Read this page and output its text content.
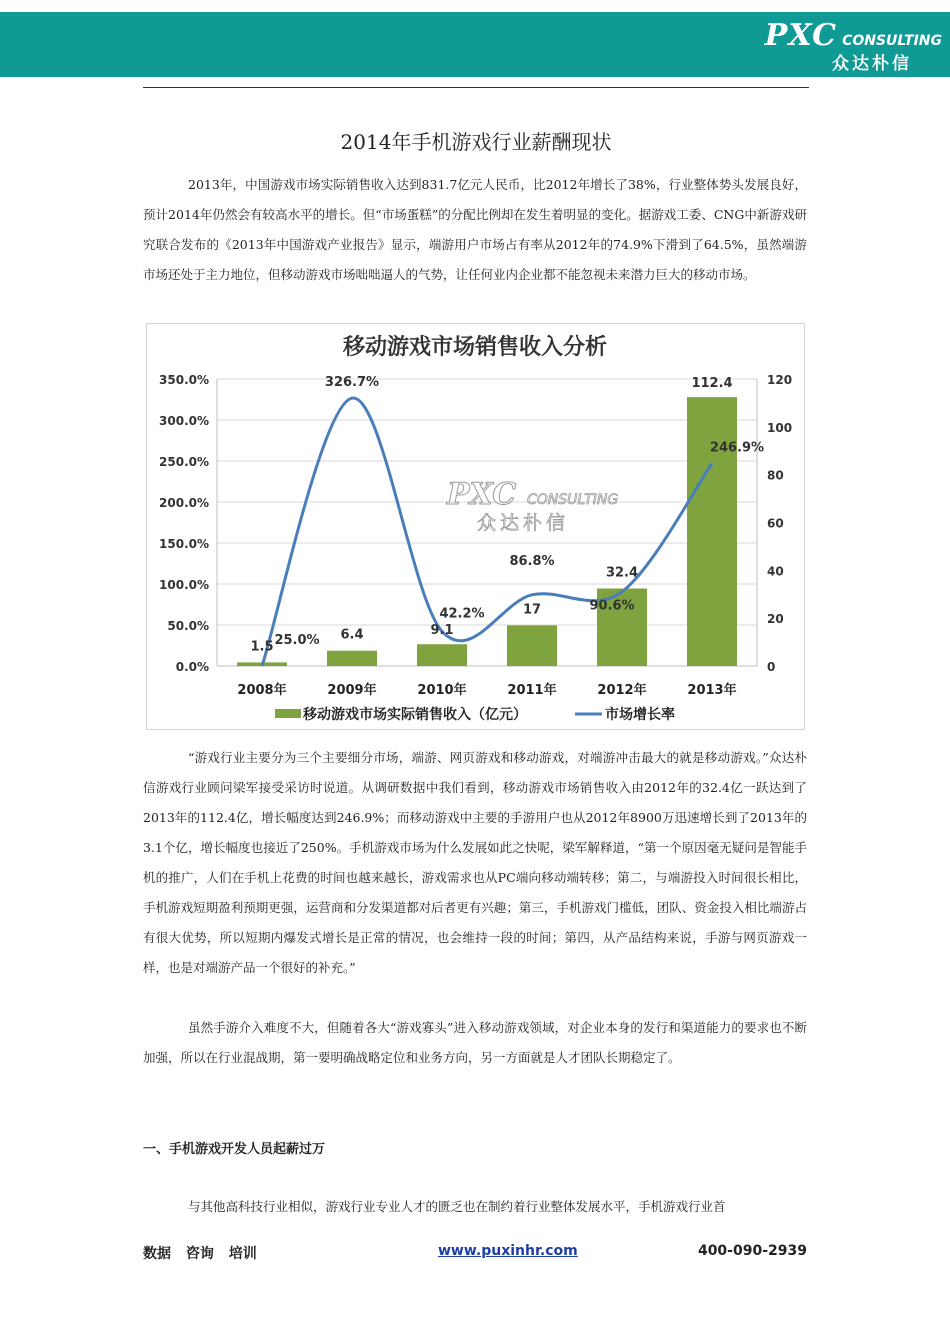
PXC CONSULTING
众达朴信
2014年手机游戏行业薪酬现状

2013年，中国游戏市场实际销售收入达到831.7亿元人民币，比2012年增长了38%，行业整体势头发展良好，预计2014年仍然会有较高水平的增长。但“市场蛋糕”的分配比例却在发生着明显的变化。据游戏工委、CNG中新游戏研究联合发布的《2013年中国游戏产业报告》显示，端游用户市场占有率从2012年的74.9%下滑到了64.5%，虽然端游市场还处于主力地位，但移动游戏市场咄咄逼人的气势，让任何业内企业都不能忽视未来潜力巨大的移动市场。

移动游戏市场销售收入分析
0.0%
50.0%
100.0%
150.0%
200.0%
250.0%
300.0%
350.0%
0
20
40
60
80
100
120
PXC CONSULTING
众达朴信
1.5
6.4	9.1
17
32.4
112.4
25.0%
326.7%
42.2%
86.8%
90.6%
246.9%
2008年	2009年	2010年	2011年	2012年	2013年
移动游戏市场实际销售收入（亿元）	市场增长率

“游戏行业主要分为三个主要细分市场，端游、网页游戏和移动游戏，对端游冲击最大的就是移动游戏。”众达朴信游戏行业顾问梁军接受采访时说道。从调研数据中我们看到，移动游戏市场销售收入由2012年的32.4亿一跃达到了2013年的112.4亿，增长幅度达到246.9%；而移动游戏中主要的手游用户也从2012年8900万迅速增长到了2013年的3.1个亿，增长幅度也接近了250%。手机游戏市场为什么发展如此之快呢，梁军解释道，“第一个原因毫无疑问是智能手机的推广，人们在手机上花费的时间也越来越长，游戏需求也从PC端向移动端转移；第二，与端游投入时间很长相比，手机游戏短期盈利预期更强，运营商和分发渠道都对后者更有兴趣；第三，手机游戏门槛低，团队、资金投入相比端游占有很大优势，所以短期内爆发式增长是正常的情况，也会维持一段的时间；第四，从产品结构来说，手游与网页游戏一样，也是对端游产品一个很好的补充。”

虽然手游介入难度不大，但随着各大“游戏寡头”进入移动游戏领域，对企业本身的发行和渠道能力的要求也不断加强，所以在行业混战期，第一要明确战略定位和业务方向，另一方面就是人才团队长期稳定了。

一、手机游戏开发人员起薪过万

与其他高科技行业相似，游戏行业专业人才的匮乏也在制约着行业整体发展水平，手机游戏行业首

数据 咨询 培训	www.puxinhr.com	400-090-2939
